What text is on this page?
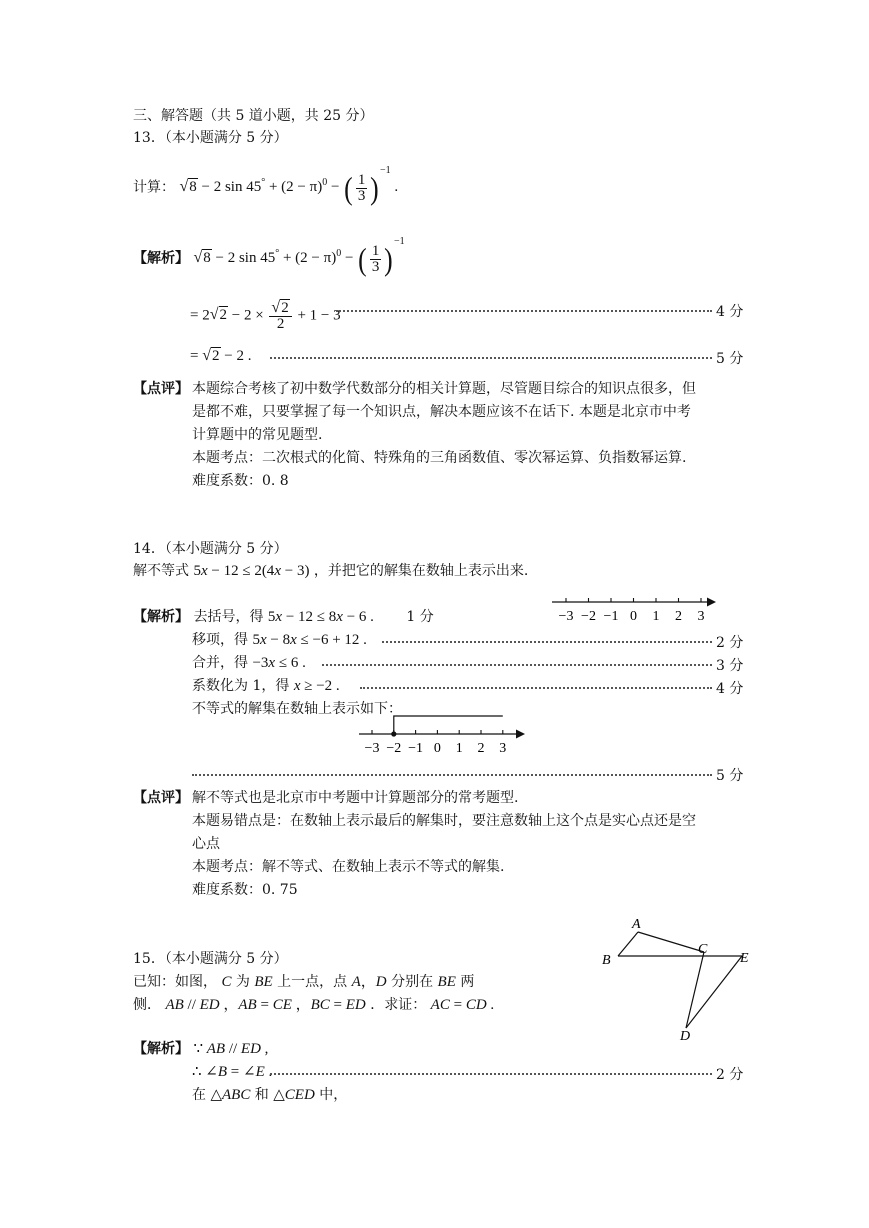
三、解答题（共 5 道小题，共 25 分）
13．（本小题满分 5 分）
计算： √8 − 2 $\sin 45^\circ + (2 - \pi)^0$ − ( $\frac{1}{3} )^{-1}$ .
【解析】 √8 − 2 $\sin 45^\circ + (2 - \pi)^0$ − ( $\frac{1}{3} )^{-1}$
= $2√2 - 2 \times \frac{√2}{2} + 1 - 3$	4 分
= √2 − 2 .	5 分
【点评】 本题综合考核了初中数学代数部分的相关计算题，尽管题目综合的知识点很多，但
是都不难，只要掌握了每一个知识点，解决本题应该不在话下. 本题是北京市中考
计算题中的常见题型.
本题考点：二次根式的化简、特殊角的三角函数值、零次幂运算、负指数幂运算.
难度系数：0. 8
14．（本小题满分 5 分）
解不等式 5x − 12 ≤ 2(4x − 3) ，并把它的解集在数轴上表示出来.
−3 −2 −1 0 1 2 3
【解析】 去括号，得 5x − 12 ≤ 8x − 6 . 1 分
移项，得 5x − 8x ≤ −6 + 12 .	2 分
合并，得 −3x ≤ 6 .	3 分
系数化为 1，得 x ≥ −2 .	4 分
不等式的解集在数轴上表示如下：
−3 −2 −1 0 1 2 3
5 分
【点评】 解不等式也是北京市中考题中计算题部分的常考题型.
本题易错点是：在数轴上表示最后的解集时，要注意数轴上这个点是实心点还是空
心点
本题考点：解不等式、在数轴上表示不等式的解集.
难度系数：0. 75
15．（本小题满分 5 分）
已知：如图， C 为 BE 上一点，点 A，D 分别在 BE 两
侧． AB // ED ，AB = CE ，BC = ED ．求证： AC = CD .
A
B
C
E
D
【解析】 ∵ AB // ED ,
∴ ∠B = ∠E .	2 分
在 △ABC 和 △CED 中，
